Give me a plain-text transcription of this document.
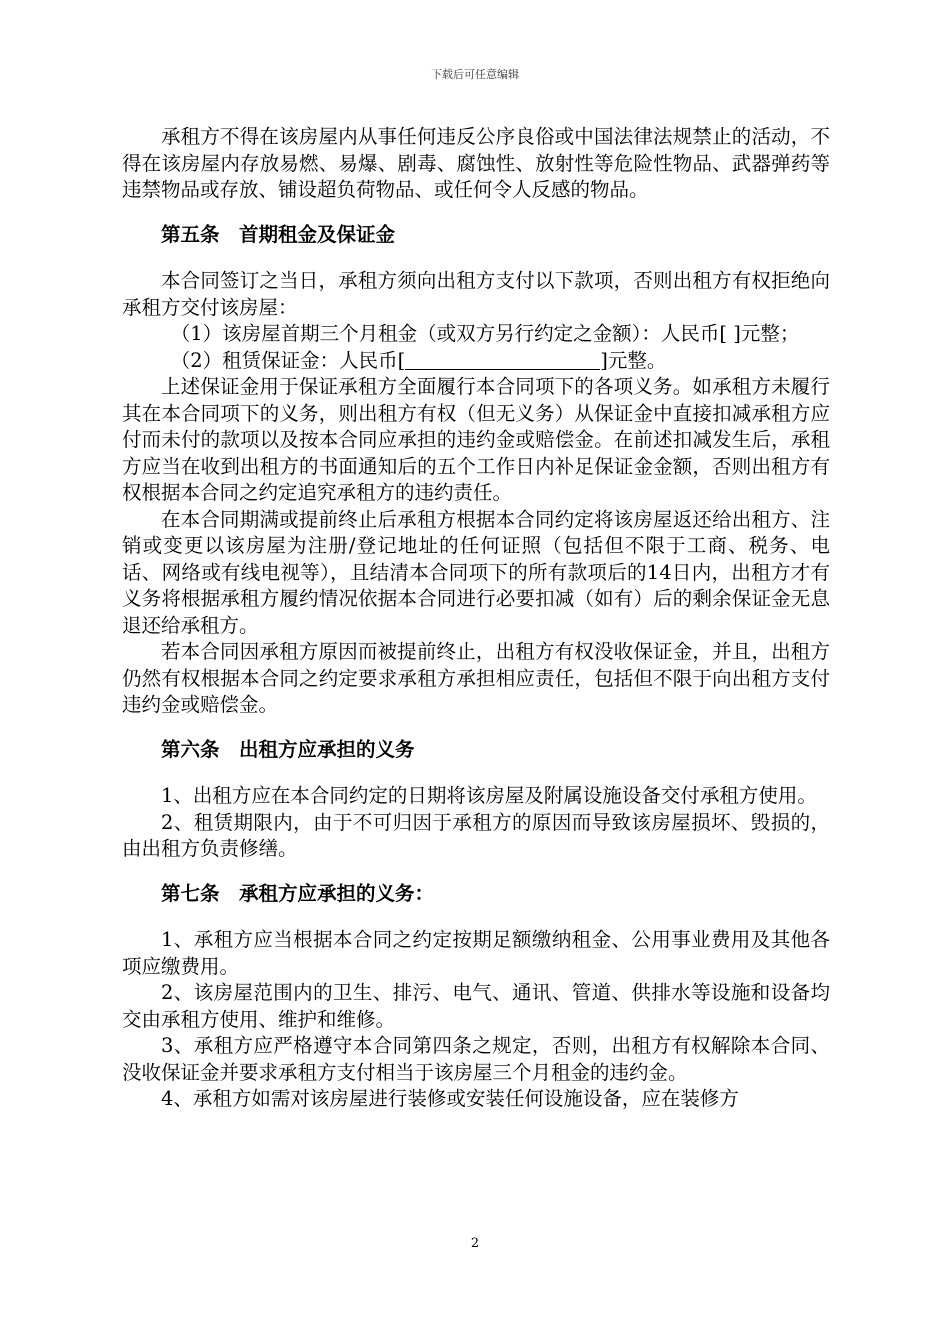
下载后可任意编辑

承租方不得在该房屋内从事任何违反公序良俗或中国法律法规禁止的活动，不得在该房屋内存放易燃、易爆、剧毒、腐蚀性、放射性等危险性物品、武器弹药等违禁物品或存放、铺设超负荷物品、或任何令人反感的物品。

第五条　首期租金及保证金

本合同签订之当日，承租方须向出租方支付以下款项，否则出租方有权拒绝向承租方交付该房屋：

（1）该房屋首期三个月租金（或双方另行约定之金额）：人民币[ ]元整；

（2）租赁保证金：人民币[	]元整。

上述保证金用于保证承租方全面履行本合同项下的各项义务。如承租方未履行其在本合同项下的义务，则出租方有权（但无义务）从保证金中直接扣减承租方应付而未付的款项以及按本合同应承担的违约金或赔偿金。在前述扣减发生后，承租方应当在收到出租方的书面通知后的五个工作日内补足保证金金额，否则出租方有权根据本合同之约定追究承租方的违约责任。

在本合同期满或提前终止后承租方根据本合同约定将该房屋返还给出租方、注销或变更以该房屋为注册/登记地址的任何证照（包括但不限于工商、税务、电话、网络或有线电视等），且结清本合同项下的所有款项后的14日内，出租方才有义务将根据承租方履约情况依据本合同进行必要扣减（如有）后的剩余保证金无息退还给承租方。

若本合同因承租方原因而被提前终止，出租方有权没收保证金，并且，出租方仍然有权根据本合同之约定要求承租方承担相应责任，包括但不限于向出租方支付违约金或赔偿金。

第六条　出租方应承担的义务

1、出租方应在本合同约定的日期将该房屋及附属设施设备交付承租方使用。

2、租赁期限内，由于不可归因于承租方的原因而导致该房屋损坏、毁损的，由出租方负责修缮。

第七条　承租方应承担的义务：

1、承租方应当根据本合同之约定按期足额缴纳租金、公用事业费用及其他各项应缴费用。

2、该房屋范围内的卫生、排污、电气、通讯、管道、供排水等设施和设备均交由承租方使用、维护和维修。

3、承租方应严格遵守本合同第四条之规定，否则，出租方有权解除本合同、没收保证金并要求承租方支付相当于该房屋三个月租金的违约金。

4、承租方如需对该房屋进行装修或安装任何设施设备，应在装修方

2
